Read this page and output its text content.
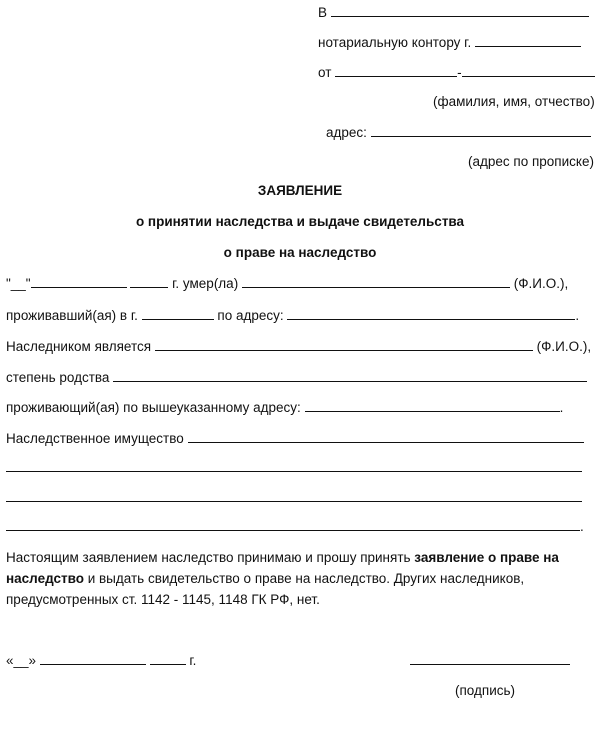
В
нотариальную контору г.
от	-
(фамилия, имя, отчество)
адрес:
(адрес по прописке)
ЗАЯВЛЕНИЕ
о принятии наследства и выдаче свидетельства
о праве на наследство
"__"	г. умер(ла)	(Ф.И.О.),
проживавший(ая) в г.	по адресу:	.
Наследником является	(Ф.И.О.),
степень родства
проживающий(ая) по вышеуказанному адресу:	.
Наследственное имущество
.
Настоящим заявлением наследство принимаю и прошу принять заявление о праве на наследство и выдать свидетельство о праве на наследство. Других наследников, предусмотренных ст. 1142 - 1145, 1148 ГК РФ, нет.
«__»	г.
(подпись)
